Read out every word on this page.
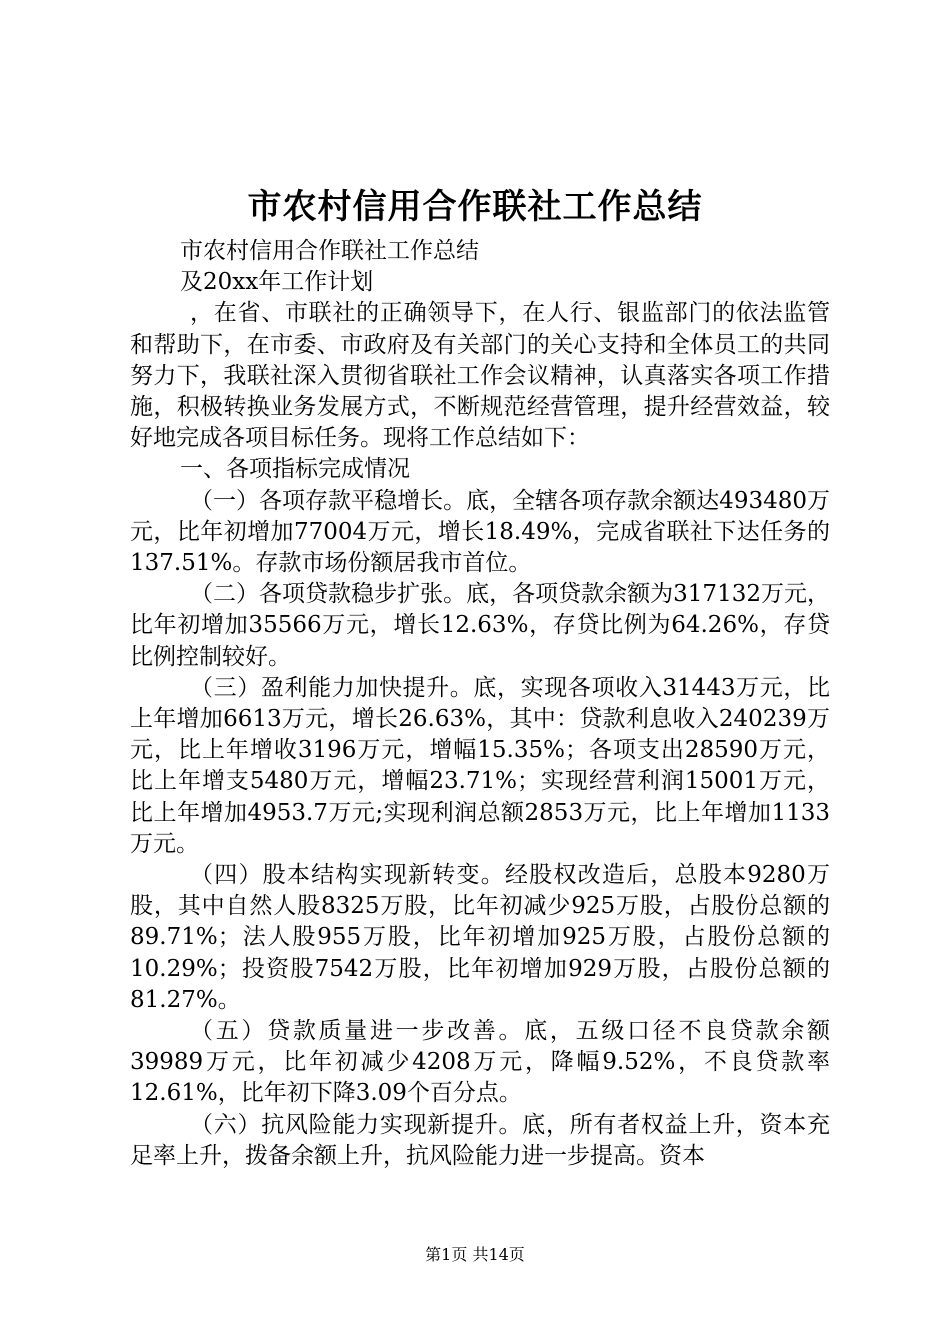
市农村信用合作联社工作总结

市农村信用合作联社工作总结

及20xx年工作计划

，在省、市联社的正确领导下，在人行、银监部门的依法监管和帮助下，在市委、市政府及有关部门的关心支持和全体员工的共同努力下，我联社深入贯彻省联社工作会议精神，认真落实各项工作措施，积极转换业务发展方式，不断规范经营管理，提升经营效益，较好地完成各项目标任务。现将工作总结如下：

一、各项指标完成情况

（一）各项存款平稳增长。底，全辖各项存款余额达493480万元，比年初增加77004万元，增长18.49%，完成省联社下达任务的137.51%。存款市场份额居我市首位。

（二）各项贷款稳步扩张。底，各项贷款余额为317132万元，比年初增加35566万元，增长12.63%，存贷比例为64.26%，存贷比例控制较好。

（三）盈利能力加快提升。底，实现各项收入31443万元，比上年增加6613万元，增长26.63%，其中：贷款利息收入240239万元，比上年增收3196万元，增幅15.35%；各项支出28590万元，比上年增支5480万元，增幅23.71%；实现经营利润15001万元，比上年增加4953.7万元;实现利润总额2853万元，比上年增加1133万元。

（四）股本结构实现新转变。经股权改造后，总股本9280万股，其中自然人股8325万股，比年初减少925万股，占股份总额的89.71%；法人股955万股，比年初增加925万股，占股份总额的10.29%；投资股7542万股，比年初增加929万股，占股份总额的81.27%。

（五）贷款质量进一步改善。底，五级口径不良贷款余额39989万元，比年初减少4208万元，降幅9.52%，不良贷款率12.61%，比年初下降3.09个百分点。

（六）抗风险能力实现新提升。底，所有者权益上升，资本充足率上升，拨备余额上升，抗风险能力进一步提高。资本

第1页 共14页
